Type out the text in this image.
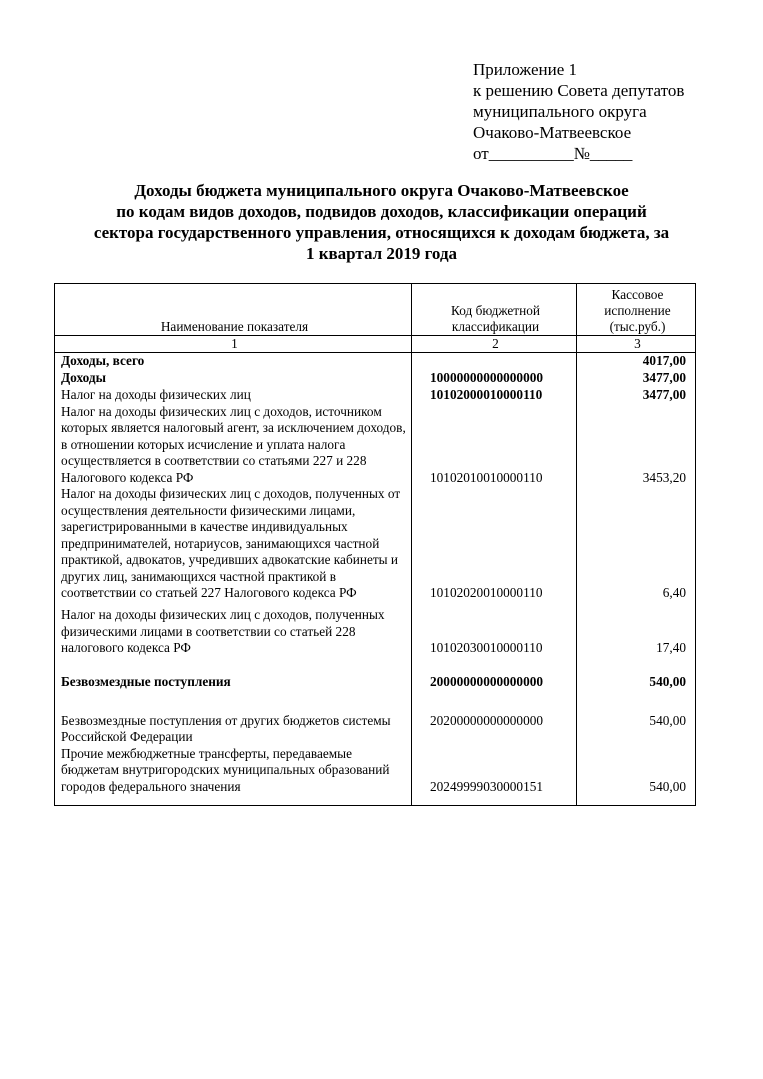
Приложение 1
к решению Совета депутатов
муниципального округа
Очаково-Матвеевское
от__________№_____
Доходы бюджета муниципального округа Очаково-Матвеевское
по кодам видов доходов, подвидов доходов, классификации операций
сектора государственного управления, относящихся к доходам бюджета, за
1 квартал 2019 года
Наименование показателя	Код бюджетной классификации	Кассовое исполнение (тыс.руб.)
1	2	3
Доходы, всего		4017,00
Доходы	10000000000000000	3477,00
Налог на доходы физических лиц	10102000010000110	3477,00
Налог на доходы физических лиц с доходов, источником которых является налоговый агент, за исключением доходов, в отношении которых исчисление и уплата налога осуществляется в соответствии со статьями 227 и 228 Налогового кодекса РФ	10102010010000110	3453,20
Налог на доходы физических лиц с доходов, полученных от осуществления деятельности физическими лицами, зарегистрированными в качестве индивидуальных предпринимателей, нотариусов, занимающихся частной практикой, адвокатов, учредивших адвокатские кабинеты и других лиц, занимающихся частной практикой в соответствии со статьей 227 Налогового кодекса РФ	10102020010000110	6,40
Налог на доходы физических лиц с доходов, полученных физическими лицами в соответствии со статьей 228 налогового кодекса РФ	10102030010000110	17,40
Безвозмездные поступления	20000000000000000	540,00
Безвозмездные поступления от других бюджетов системы Российской Федерации	20200000000000000	540,00
Прочие межбюджетные трансферты, передаваемые бюджетам внутригородских муниципальных образований городов федерального значения	20249999030000151	540,00
